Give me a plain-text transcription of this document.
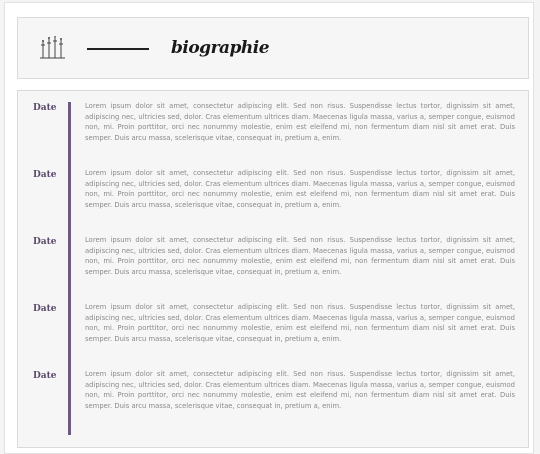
biographie
Date	Lorem ipsum dolor sit amet, consectetur adipiscing elit. Sed non risus. Suspendisse lectus tortor, dignissim sit amet, adipiscing nec, ultricies sed, dolor. Cras elementum ultrices diam. Maecenas ligula massa, varius a, semper congue, euismod non, mi. Proin porttitor, orci nec nonummy molestie, enim est eleifend mi, non fermentum diam nisl sit amet erat. Duis semper. Duis arcu massa, scelerisque vitae, consequat in, pretium a, enim.

Date	Lorem ipsum dolor sit amet, consectetur adipiscing elit. Sed non risus. Suspendisse lectus tortor, dignissim sit amet, adipiscing nec, ultricies sed, dolor. Cras elementum ultrices diam. Maecenas ligula massa, varius a, semper congue, euismod non, mi. Proin porttitor, orci nec nonummy molestie, enim est eleifend mi, non fermentum diam nisl sit amet erat. Duis semper. Duis arcu massa, scelerisque vitae, consequat in, pretium a, enim.

Date	Lorem ipsum dolor sit amet, consectetur adipiscing elit. Sed non risus. Suspendisse lectus tortor, dignissim sit amet, adipiscing nec, ultricies sed, dolor. Cras elementum ultrices diam. Maecenas ligula massa, varius a, semper congue, euismod non, mi. Proin porttitor, orci nec nonummy molestie, enim est eleifend mi, non fermentum diam nisl sit amet erat. Duis semper. Duis arcu massa, scelerisque vitae, consequat in, pretium a, enim.

Date	Lorem ipsum dolor sit amet, consectetur adipiscing elit. Sed non risus. Suspendisse lectus tortor, dignissim sit amet, adipiscing nec, ultricies sed, dolor. Cras elementum ultrices diam. Maecenas ligula massa, varius a, semper congue, euismod non, mi. Proin porttitor, orci nec nonummy molestie, enim est eleifend mi, non fermentum diam nisl sit amet erat. Duis semper. Duis arcu massa, scelerisque vitae, consequat in, pretium a, enim.

Date	Lorem ipsum dolor sit amet, consectetur adipiscing elit. Sed non risus. Suspendisse lectus tortor, dignissim sit amet, adipiscing nec, ultricies sed, dolor. Cras elementum ultrices diam. Maecenas ligula massa, varius a, semper congue, euismod non, mi. Proin porttitor, orci nec nonummy molestie, enim est eleifend mi, non fermentum diam nisl sit amet erat. Duis semper. Duis arcu massa, scelerisque vitae, consequat in, pretium a, enim.
